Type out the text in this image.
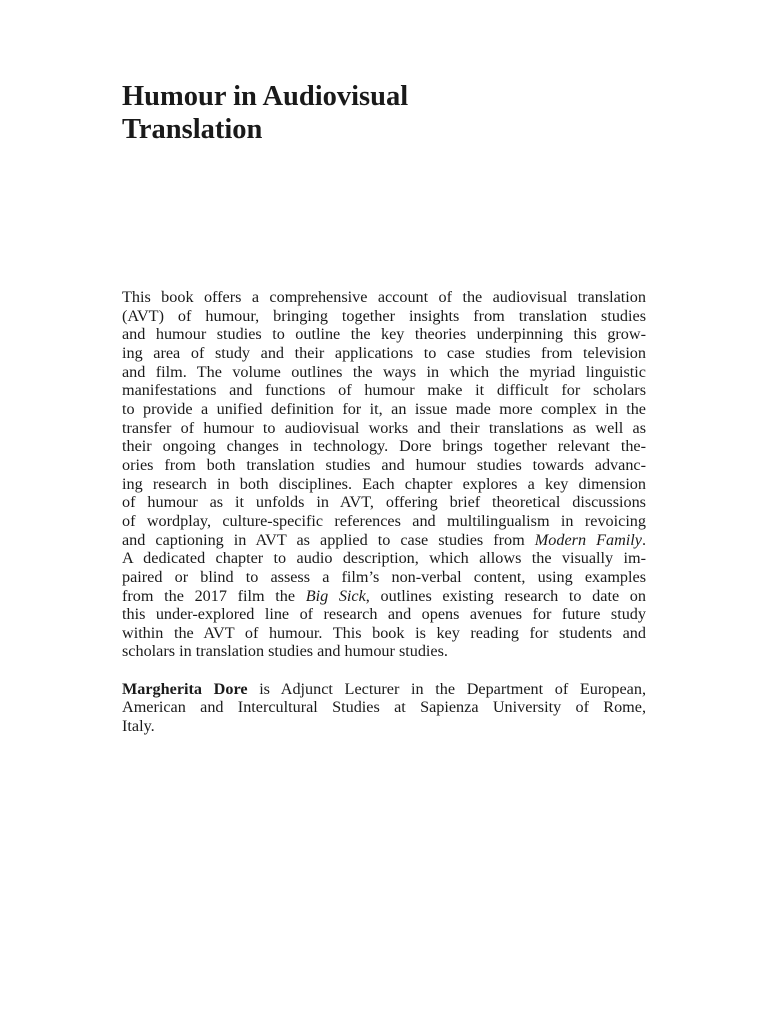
Humour in Audiovisual
Translation
This book offers a comprehensive account of the audiovisual translation
(AVT) of humour, bringing together insights from translation studies
and humour studies to outline the key theories underpinning this grow-
ing area of study and their applications to case studies from television
and film. The volume outlines the ways in which the myriad linguistic
manifestations and functions of humour make it difficult for scholars
to provide a unified definition for it, an issue made more complex in the
transfer of humour to audiovisual works and their translations as well as
their ongoing changes in technology. Dore brings together relevant the-
ories from both translation studies and humour studies towards advanc-
ing research in both disciplines. Each chapter explores a key dimension
of humour as it unfolds in AVT, offering brief theoretical discussions
of wordplay, culture-specific references and multilingualism in revoicing
and captioning in AVT as applied to case studies from Modern Family.
A dedicated chapter to audio description, which allows the visually im-
paired or blind to assess a film’s non-verbal content, using examples
from the 2017 film the Big Sick, outlines existing research to date on
this under-explored line of research and opens avenues for future study
within the AVT of humour. This book is key reading for students and
scholars in translation studies and humour studies.
Margherita Dore is Adjunct Lecturer in the Department of European,
American and Intercultural Studies at Sapienza University of Rome,
Italy.
